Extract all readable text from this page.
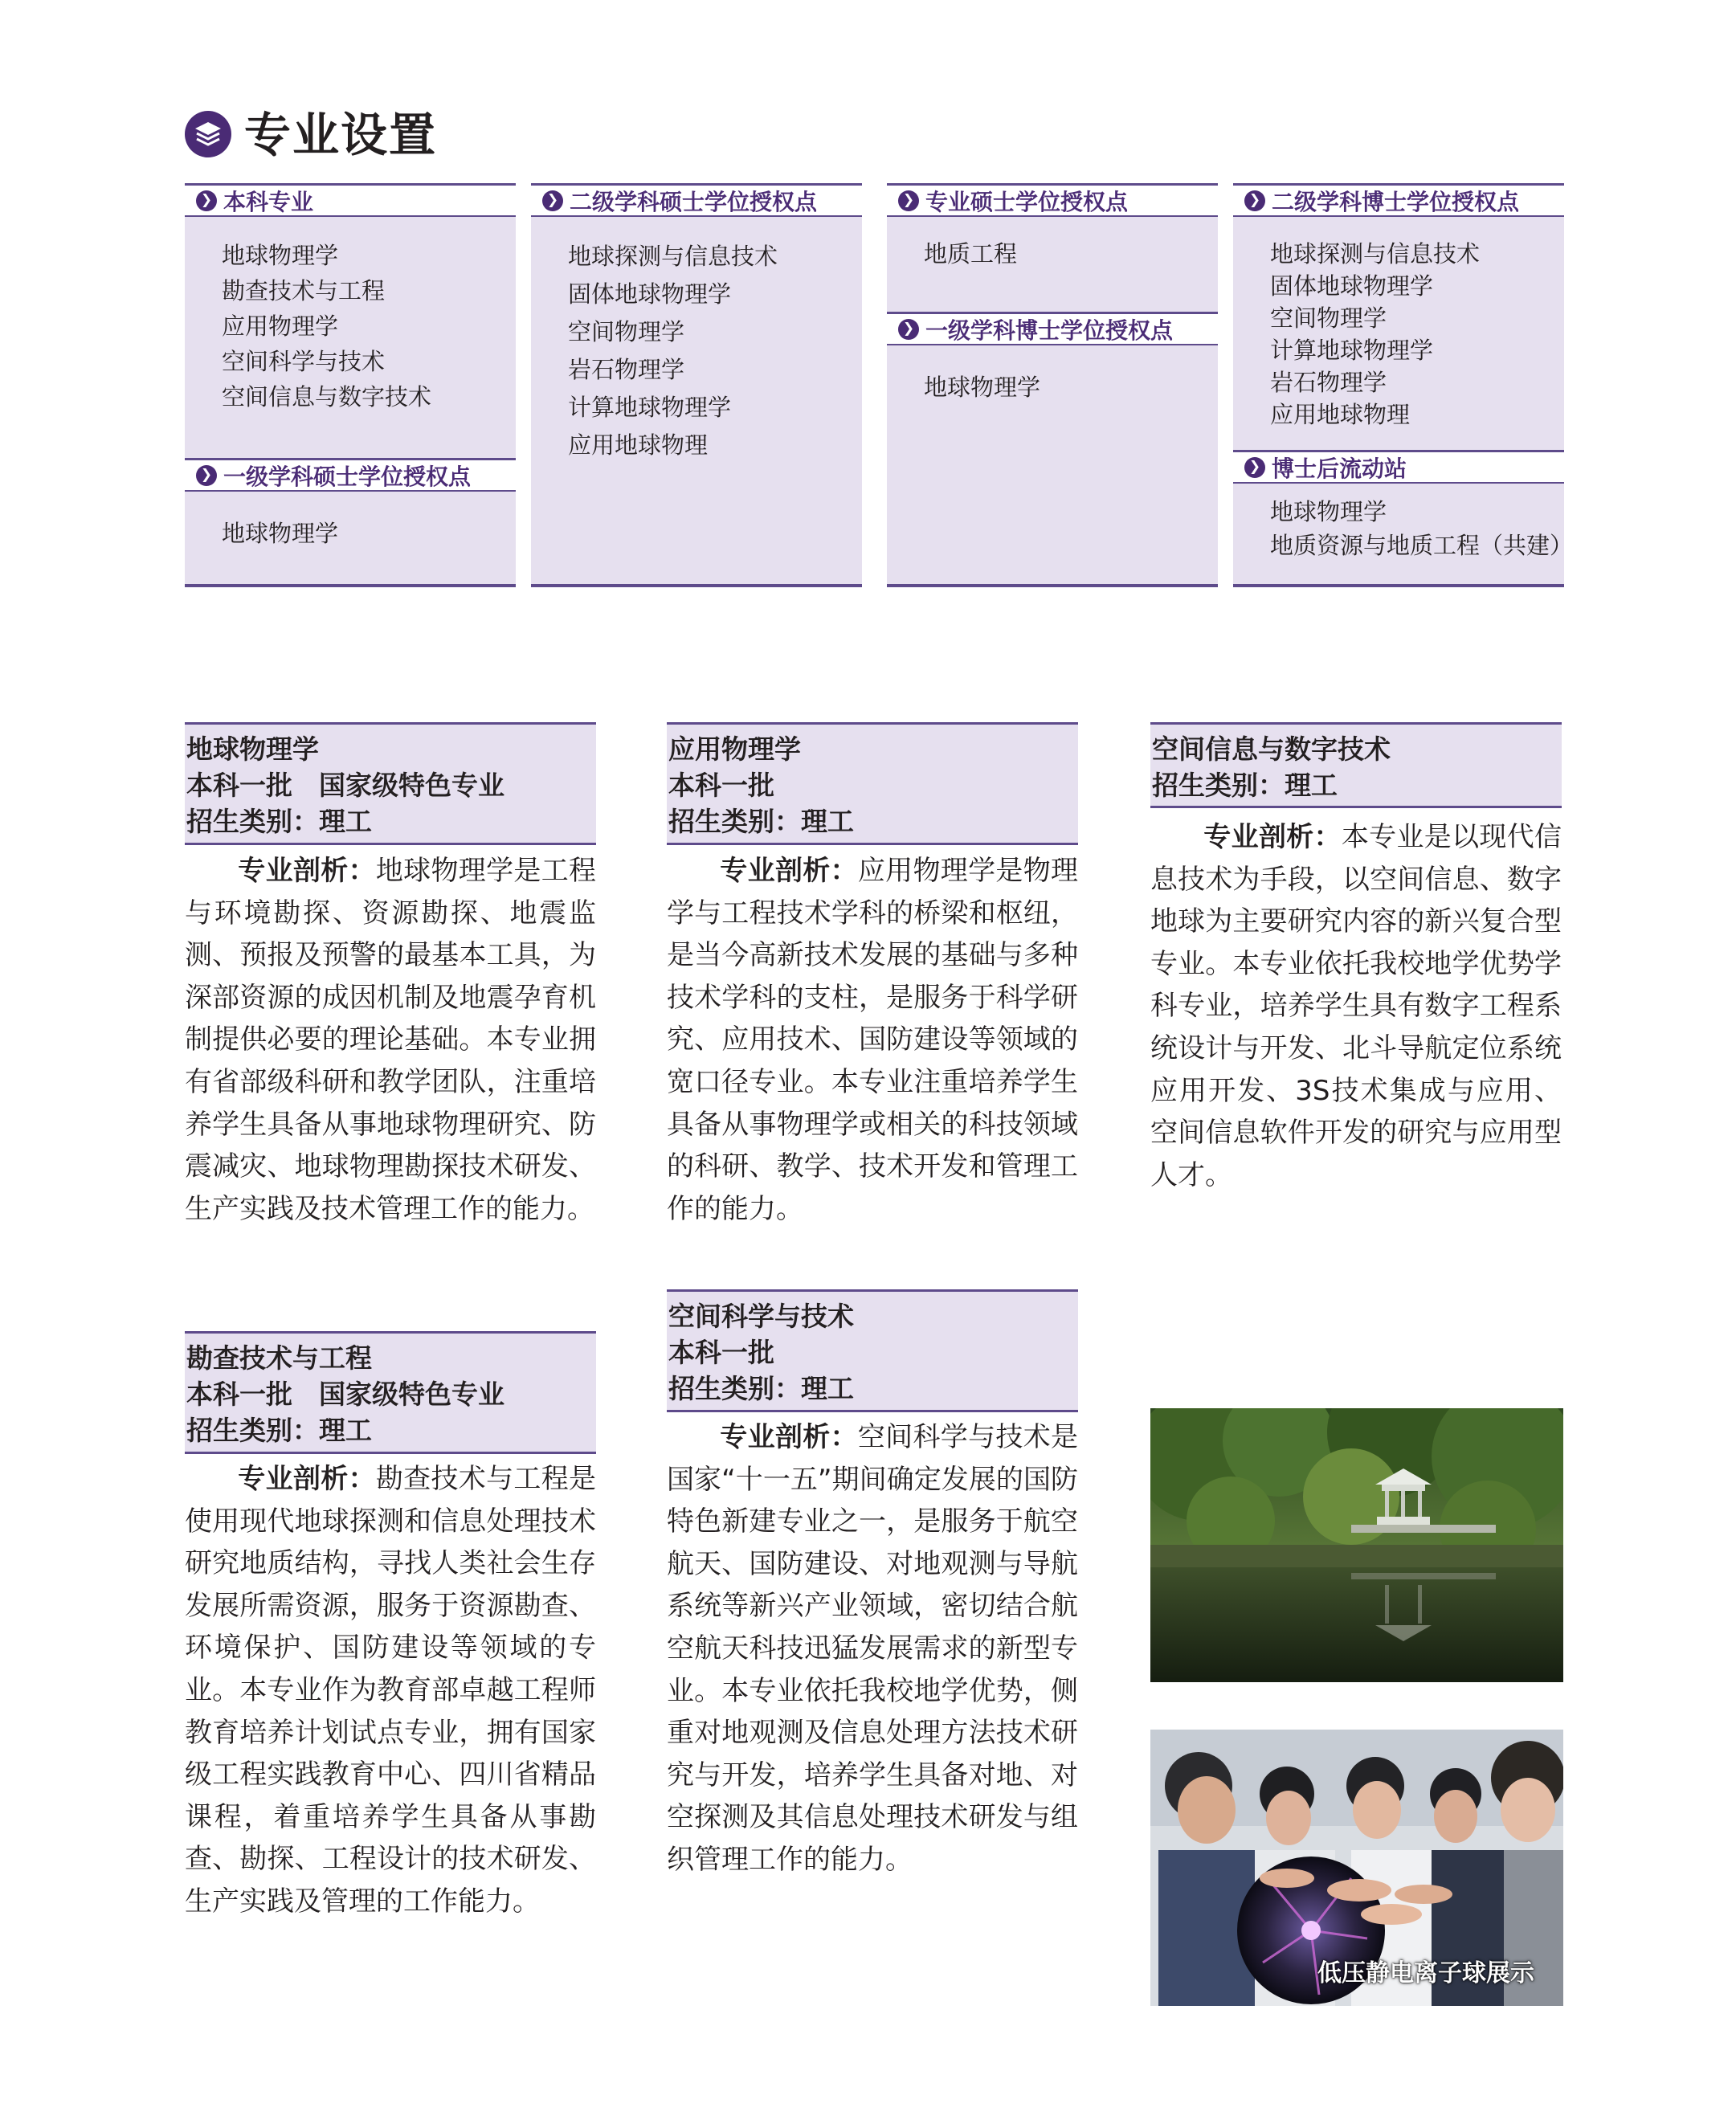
专业设置
❯ 本科专业
地球物理学
勘查技术与工程
应用物理学
空间科学与技术
空间信息与数字技术
❯ 一级学科硕士学位授权点
地球物理学
❯ 二级学科硕士学位授权点
地球探测与信息技术
固体地球物理学
空间物理学
岩石物理学
计算地球物理学
应用地球物理
❯ 专业硕士学位授权点
地质工程
❯ 一级学科博士学位授权点
地球物理学
❯ 二级学科博士学位授权点
地球探测与信息技术
固体地球物理学
空间物理学
计算地球物理学
岩石物理学
应用地球物理
❯ 博士后流动站
地球物理学
地质资源与地质工程（共建）
地球物理学
本科一批　国家级特色专业
招生类别：理工

专业剖析：地球物理学是工程与环境勘探、资源勘探、地震监测、预报及预警的最基本工具，为深部资源的成因机制及地震孕育机制提供必要的理论基础。本专业拥有省部级科研和教学团队，注重培养学生具备从事地球物理研究、防震减灾、地球物理勘探技术研发、生产实践及技术管理工作的能力。

勘查技术与工程
本科一批　国家级特色专业
招生类别：理工

专业剖析：勘查技术与工程是使用现代地球探测和信息处理技术研究地质结构，寻找人类社会生存发展所需资源，服务于资源勘查、环境保护、国防建设等领域的专业。本专业作为教育部卓越工程师教育培养计划试点专业，拥有国家级工程实践教育中心、四川省精品课程，着重培养学生具备从事勘查、勘探、工程设计的技术研发、生产实践及管理的工作能力。

应用物理学
本科一批
招生类别：理工

专业剖析：应用物理学是物理学与工程技术学科的桥梁和枢纽，是当今高新技术发展的基础与多种技术学科的支柱，是服务于科学研究、应用技术、国防建设等领域的宽口径专业。本专业注重培养学生具备从事物理学或相关的科技领域的科研、教学、技术开发和管理工作的能力。

空间科学与技术
本科一批
招生类别：理工

专业剖析：空间科学与技术是国家“十一五”期间确定发展的国防特色新建专业之一，是服务于航空航天、国防建设、对地观测与导航系统等新兴产业领域，密切结合航空航天科技迅猛发展需求的新型专业。本专业依托我校地学优势，侧重对地观测及信息处理方法技术研究与开发，培养学生具备对地、对空探测及其信息处理技术研发与组织管理工作的能力。

空间信息与数字技术
招生类别：理工

专业剖析：本专业是以现代信息技术为手段，以空间信息、数字地球为主要研究内容的新兴复合型专业。本专业依托我校地学优势学科专业，培养学生具有数字工程系统设计与开发、北斗导航定位系统应用开发、3S技术集成与应用、空间信息软件开发的研究与应用型人才。

低压静电离子球展示
